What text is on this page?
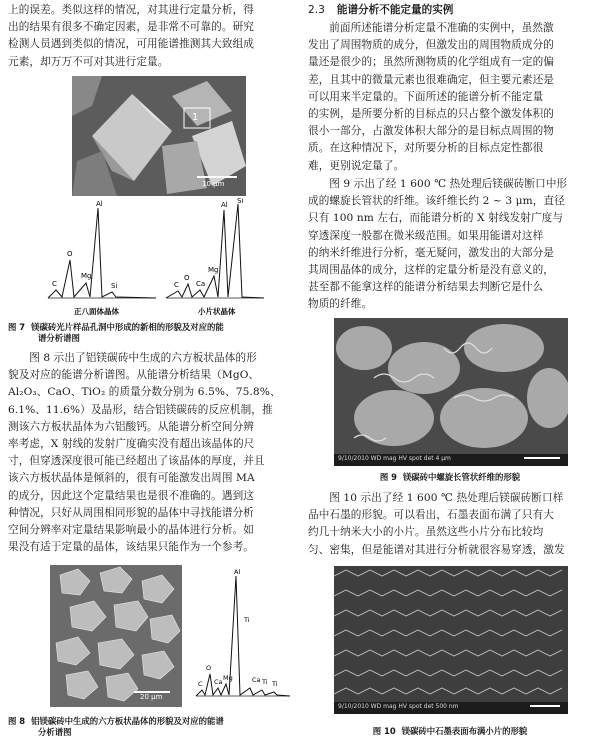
上的误差。类似这样的情况，对其进行定量分析，得
出的结果有很多不确定因素，是非常不可靠的。研究
检测人员遇到类似的情况，可用能谱推测其大致组成
元素，却万万不可对其进行定量。
1
10 μm
C
O
Mg
Al
Si	C
O
Ca
Mg
Al Si
正八面体晶体	小片状晶体
图 7 镁碳砖光片样品孔洞中形成的新相的形貌及对应的能
谱分析谱图
图 8 示出了铝镁碳砖中生成的六方板状晶体的形
貌及对应的能谱分析谱图。从能谱分析结果（MgO、
Al₂O₃、CaO、TiO₂ 的质量分数分别为 6.5%、75.8%、
6.1%、11.6%）及晶形，结合铝镁碳砖的反应机制，推
测该六方板状晶体为六铝酸钙。从能谱分析空间分辨
率考虑，X 射线的发射广度确实没有超出该晶体的尺
寸，但穿透深度很可能已经超出了该晶体的厚度，并且
该六方板状晶体是倾斜的，很有可能激发出周围 MA
的成分，因此这个定量结果也是很不准确的。遇到这
种情况，只好从周围相同形貌的晶体中寻找能谱分析
空间分辨率对定量结果影响最小的晶体进行分析。如
果没有适于定量的晶体，该结果只能作为一个参考。
20 μm
C
O
Ca Mg
Al
Ti
Ca Ti Ti
图 8 铝镁碳砖中生成的六方板状晶体的形貌及对应的能谱
分析谱图
2.3 能谱分析不能定量的实例
前面所述能谱分析定量不准确的实例中，虽然激
发出了周围物质的成分，但激发出的周围物质成分的
量还是很少的；虽然所测物质的化学组成有一定的偏
差，且其中的微量元素也很难确定，但主要元素还是
可以用来半定量的。下面所述的能谱分析不能定量
的实例，是所要分析的目标点的只占整个激发体积的
很小一部分，占激发体积大部分的是目标点周围的物
质。在这种情况下，对所要分析的目标点定性都很
难，更别说定量了。
图 9 示出了经 1 600 ℃ 热处理后镁碳砖断口中形
成的螺旋长管状的纤维。该纤维长约 2 ~ 3 μm，直径
只有 100 nm 左右，而能谱分析的 X 射线发射广度与
穿透深度一般都在微米级范围。如果用能谱对这样
的纳米纤维进行分析，毫无疑问，激发出的大部分是
其周围晶体的成分，这样的定量分析是没有意义的，
甚至都不能拿这样的能谱分析结果去判断它是什么
物质的纤维。
9/10/2010 WD mag HV spot det 4 μm
图 9 镁碳砖中螺旋长管状纤维的形貌
图 10 示出了经 1 600 ℃ 热处理后镁碳砖断口样
品中石墨的形貌。可以看出，石墨表面布满了只有大
约几十纳米大小的小片。虽然这些小片分布比较均
匀、密集，但是能谱对其进行分析就很容易穿透，激发
9/10/2010 WD mag HV spot det 500 nm
图 10 镁碳砖中石墨表面布满小片的形貌
